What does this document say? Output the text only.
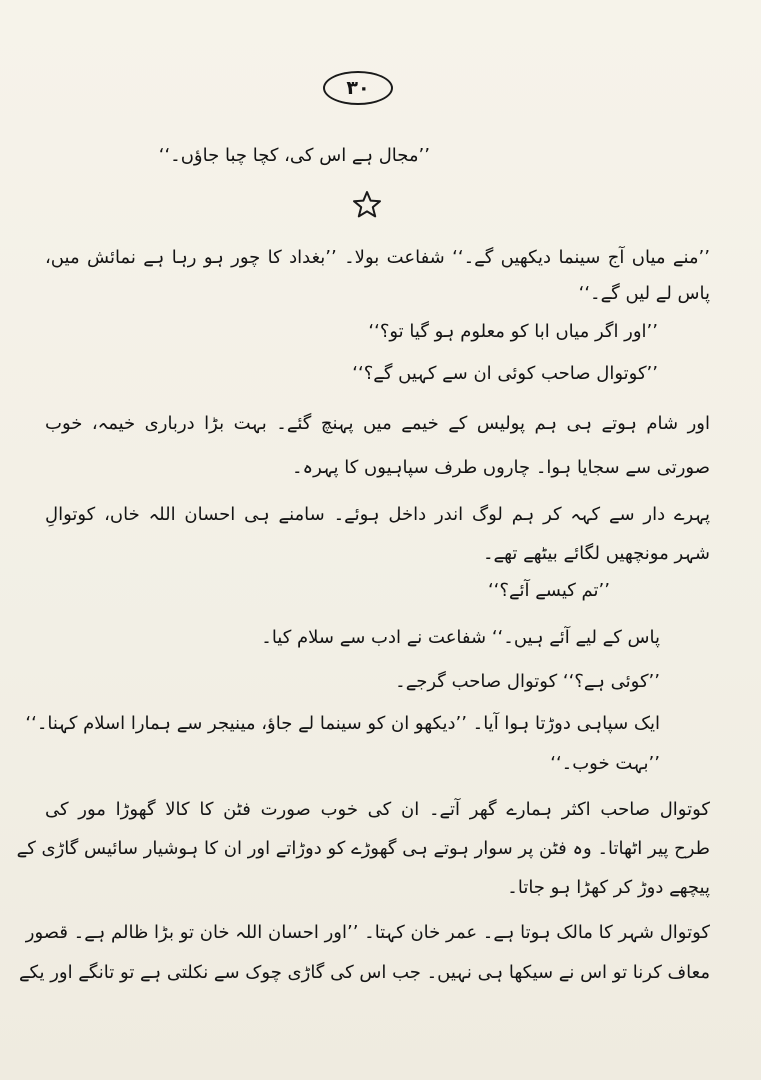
۳۰
’’مجال ہے اس کی، کچا چبا جاؤں۔‘‘
’’منے میاں آج سینما دیکھیں گے۔‘‘ شفاعت بولا۔ ’’بغداد کا چور ہو رہا ہے نمائش میں،
پاس لے لیں گے۔‘‘
’’اور اگر میاں ابا کو معلوم ہو گیا تو؟‘‘
’’کوتوال صاحب کوئی ان سے کہیں گے؟‘‘
اور شام ہوتے ہی ہم پولیس کے خیمے میں پہنچ گئے۔ بہت بڑا درباری خیمہ، خوب
صورتی سے سجایا ہوا۔ چاروں طرف سپاہیوں کا پہرہ۔
پہرے دار سے کہہ کر ہم لوگ اندر داخل ہوئے۔ سامنے ہی احسان اللہ خاں، کوتوالِ
شہر مونچھیں لگائے بیٹھے تھے۔
’’تم کیسے آئے؟‘‘
پاس کے لیے آئے ہیں۔‘‘ شفاعت نے ادب سے سلام کیا۔
’’کوئی ہے؟‘‘ کوتوال صاحب گرجے۔
ایک سپاہی دوڑتا ہوا آیا۔ ’’دیکھو ان کو سینما لے جاؤ، مینیجر سے ہمارا اسلام کہنا۔‘‘
’’بہت خوب۔‘‘
کوتوال صاحب اکثر ہمارے گھر آتے۔ ان کی خوب صورت فٹن کا کالا گھوڑا مور کی
طرح پیر اٹھاتا۔ وہ فٹن پر سوار ہوتے ہی گھوڑے کو دوڑاتے اور ان کا ہوشیار سائیس گاڑی کے
پیچھے دوڑ کر کھڑا ہو جاتا۔
کوتوال شہر کا مالک ہوتا ہے۔ عمر خان کہتا۔ ’’اور احسان اللہ خان تو بڑا ظالم ہے۔ قصور
معاف کرنا تو اس نے سیکھا ہی نہیں۔ جب اس کی گاڑی چوک سے نکلتی ہے تو تانگے اور یکے
